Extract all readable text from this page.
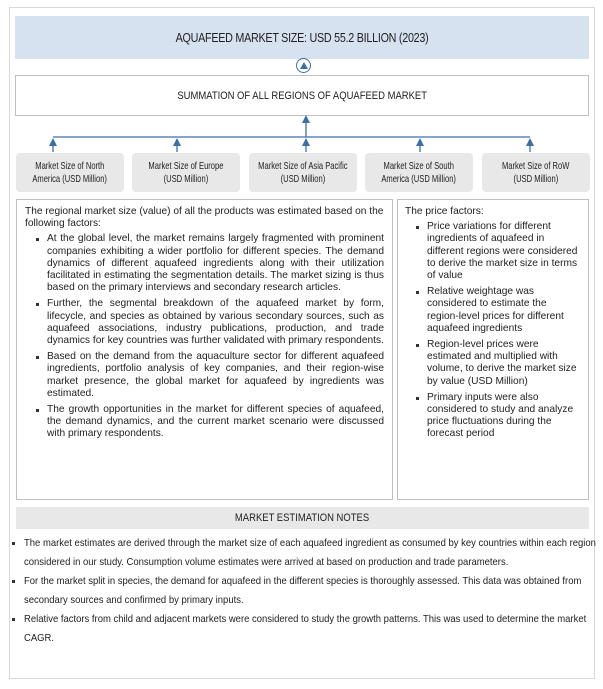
AQUAFEED MARKET SIZE: USD 55.2 BILLION (2023)
SUMMATION OF ALL REGIONS OF AQUAFEED MARKET
Market Size of North
America (USD Million)
Market Size of Europe
(USD Million)
Market Size of Asia Pacific
(USD Million)
Market Size of South
America (USD Million)
Market Size of RoW
(USD Million)

The regional market size (value) of all the products was estimated based on the following factors:

At the global level, the market remains largely fragmented with prominent companies exhibiting a wider portfolio for different species. The demand dynamics of different aquafeed ingredients along with their utilization facilitated in estimating the segmentation details. The market sizing is thus based on the primary interviews and secondary research articles.
Further, the segmental breakdown of the aquafeed market by form, lifecycle, and species as obtained by various secondary sources, such as aquafeed associations, industry publications, production, and trade dynamics for key countries was further validated with primary respondents.
Based on the demand from the aquaculture sector for different aquafeed ingredients, portfolio analysis of key companies, and their region-wise market presence, the global market for aquafeed by ingredients was estimated.
The growth opportunities in the market for different species of aquafeed, the demand dynamics, and the current market scenario were discussed with primary respondents.

The price factors:

Price variations for different ingredients of aquafeed in different regions were considered to derive the market size in terms of value
Relative weightage was considered to estimate the region-level prices for different aquafeed ingredients
Region-level prices were estimated and multiplied with volume, to derive the market size by value (USD Million)
Primary inputs were also considered to study and analyze price fluctuations during the forecast period
MARKET ESTIMATION NOTES
The market estimates are derived through the market size of each aquafeed ingredient as consumed by key countries within each region considered in our study. Consumption volume estimates were arrived at based on production and trade parameters.
For the market split in species, the demand for aquafeed in the different species is thoroughly assessed. This data was obtained from secondary sources and confirmed by primary inputs.
Relative factors from child and adjacent markets were considered to study the growth patterns. This was used to determine the market CAGR.
